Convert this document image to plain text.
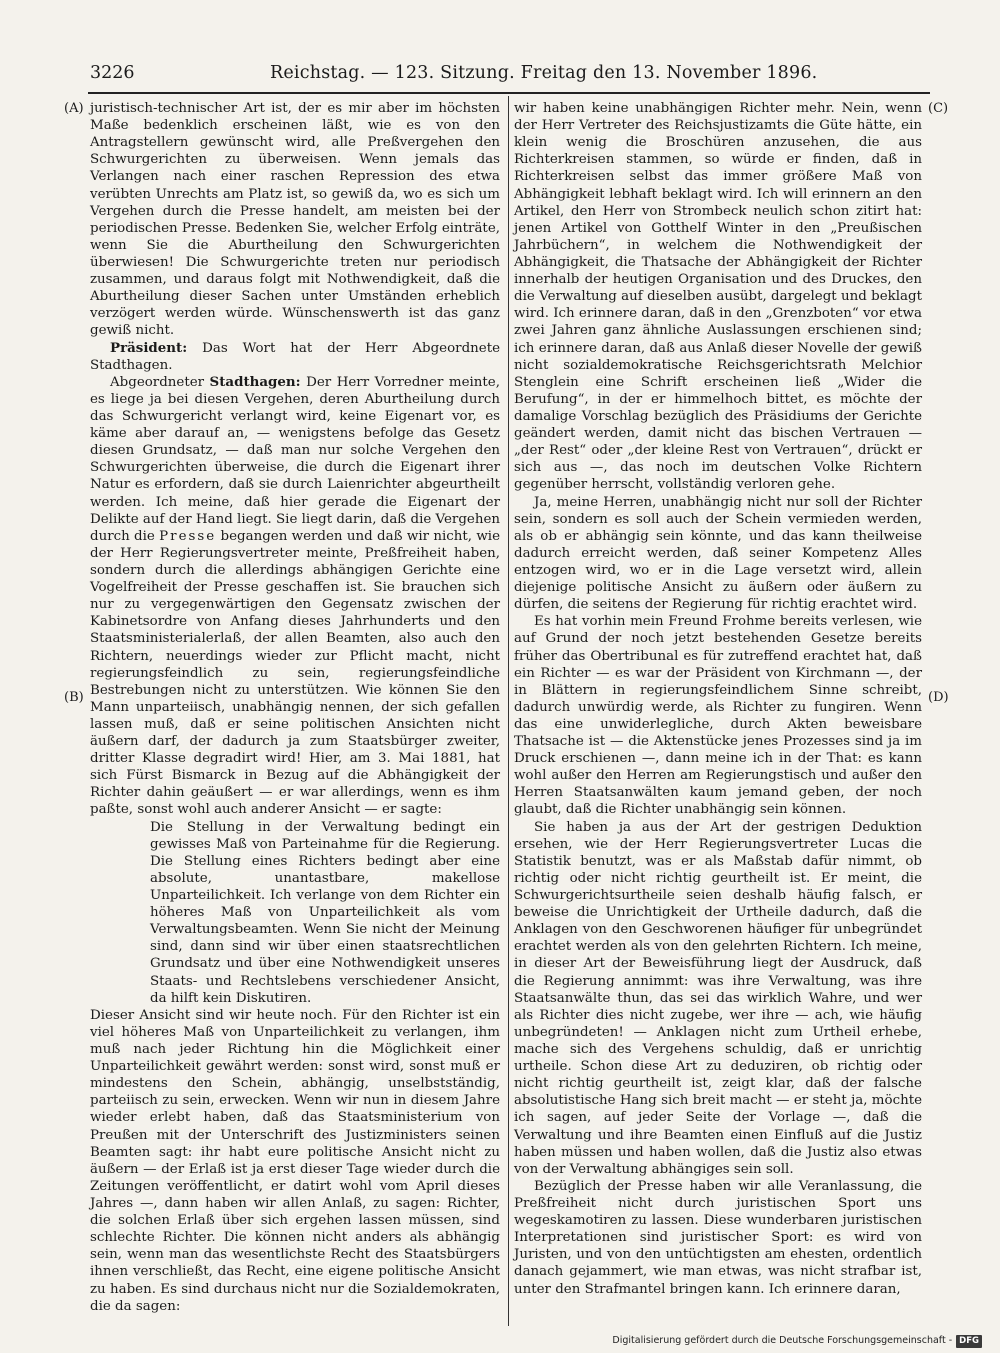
3226	Reichstag. — 123. Sitzung. Freitag den 13. November 1896.
(A)
(B)
(C)
(D)

juristisch-technischer Art ist, der es mir aber im höchsten Maße bedenklich erscheinen läßt, wie es von den Antragstellern gewünscht wird, alle Preßvergehen den Schwurgerichten zu überweisen. Wenn jemals das Verlangen nach einer raschen Repression des etwa verübten Unrechts am Platz ist, so gewiß da, wo es sich um Vergehen durch die Presse handelt, am meisten bei der periodischen Presse. Bedenken Sie, welcher Erfolg einträte, wenn Sie die Aburtheilung den Schwurgerichten überwiesen! Die Schwurgerichte treten nur periodisch zusammen, und daraus folgt mit Nothwendigkeit, daß die Aburtheilung dieser Sachen unter Umständen erheblich verzögert werden würde. Wünschenswerth ist das ganz gewiß nicht.

Präsident: Das Wort hat der Herr Abgeordnete Stadthagen.

Abgeordneter Stadthagen: Der Herr Vorredner meinte, es liege ja bei diesen Vergehen, deren Aburtheilung durch das Schwurgericht verlangt wird, keine Eigenart vor, es käme aber darauf an, — wenigstens befolge das Gesetz diesen Grundsatz, — daß man nur solche Vergehen den Schwurgerichten überweise, die durch die Eigenart ihrer Natur es erfordern, daß sie durch Laienrichter abgeurtheilt werden. Ich meine, daß hier gerade die Eigenart der Delikte auf der Hand liegt. Sie liegt darin, daß die Vergehen durch die Presse begangen werden und daß wir nicht, wie der Herr Regierungsvertreter meinte, Preßfreiheit haben, sondern durch die allerdings abhängigen Gerichte eine Vogelfreiheit der Presse geschaffen ist. Sie brauchen sich nur zu vergegenwärtigen den Gegensatz zwischen der Kabinetsordre von Anfang dieses Jahrhunderts und den Staatsministerialerlaß, der allen Beamten, also auch den Richtern, neuerdings wieder zur Pflicht macht, nicht regierungsfeindlich zu sein, regierungsfeindliche Bestrebungen nicht zu unterstützen. Wie können Sie den Mann unparteiisch, unabhängig nennen, der sich gefallen lassen muß, daß er seine politischen Ansichten nicht äußern darf, der dadurch ja zum Staatsbürger zweiter, dritter Klasse degradirt wird! Hier, am 3. Mai 1881, hat sich Fürst Bismarck in Bezug auf die Abhängigkeit der Richter dahin geäußert — er war allerdings, wenn es ihm paßte, sonst wohl auch anderer Ansicht — er sagte:

Die Stellung in der Verwaltung bedingt ein gewisses Maß von Parteinahme für die Regierung. Die Stellung eines Richters bedingt aber eine absolute, unantastbare, makellose Unparteilichkeit. Ich verlange von dem Richter ein höheres Maß von Unparteilichkeit als vom Verwaltungsbeamten. Wenn Sie nicht der Meinung sind, dann sind wir über einen staatsrechtlichen Grundsatz und über eine Nothwendigkeit unseres Staats- und Rechtslebens verschiedener Ansicht, da hilft kein Diskutiren.

Dieser Ansicht sind wir heute noch. Für den Richter ist ein viel höheres Maß von Unparteilichkeit zu verlangen, ihm muß nach jeder Richtung hin die Möglichkeit einer Unparteilichkeit gewährt werden: sonst wird, sonst muß er mindestens den Schein, abhängig, unselbstständig, parteiisch zu sein, erwecken. Wenn wir nun in diesem Jahre wieder erlebt haben, daß das Staatsministerium von Preußen mit der Unterschrift des Justizministers seinen Beamten sagt: ihr habt eure politische Ansicht nicht zu äußern — der Erlaß ist ja erst dieser Tage wieder durch die Zeitungen veröffentlicht, er datirt wohl vom April dieses Jahres —, dann haben wir allen Anlaß, zu sagen: Richter, die solchen Erlaß über sich ergehen lassen müssen, sind schlechte Richter. Die können nicht anders als abhängig sein, wenn man das wesentlichste Recht des Staatsbürgers ihnen verschließt, das Recht, eine eigene politische Ansicht zu haben. Es sind durchaus nicht nur die Sozialdemokraten, die da sagen:

wir haben keine unabhängigen Richter mehr. Nein, wenn der Herr Vertreter des Reichsjustizamts die Güte hätte, ein klein wenig die Broschüren anzusehen, die aus Richterkreisen stammen, so würde er finden, daß in Richterkreisen selbst das immer größere Maß von Abhängigkeit lebhaft beklagt wird. Ich will erinnern an den Artikel, den Herr von Strombeck neulich schon zitirt hat: jenen Artikel von Gotthelf Winter in den „Preußischen Jahrbüchern“, in welchem die Nothwendigkeit der Abhängigkeit, die Thatsache der Abhängigkeit der Richter innerhalb der heutigen Organisation und des Druckes, den die Verwaltung auf dieselben ausübt, dargelegt und beklagt wird. Ich erinnere daran, daß in den „Grenzboten“ vor etwa zwei Jahren ganz ähnliche Auslassungen erschienen sind; ich erinnere daran, daß aus Anlaß dieser Novelle der gewiß nicht sozialdemokratische Reichsgerichtsrath Melchior Stenglein eine Schrift erscheinen ließ „Wider die Berufung“, in der er himmelhoch bittet, es möchte der damalige Vorschlag bezüglich des Präsidiums der Gerichte geändert werden, damit nicht das bischen Vertrauen — „der Rest“ oder „der kleine Rest von Vertrauen“, drückt er sich aus —, das noch im deutschen Volke Richtern gegenüber herrscht, vollständig verloren gehe.

Ja, meine Herren, unabhängig nicht nur soll der Richter sein, sondern es soll auch der Schein vermieden werden, als ob er abhängig sein könnte, und das kann theilweise dadurch erreicht werden, daß seiner Kompetenz Alles entzogen wird, wo er in die Lage versetzt wird, allein diejenige politische Ansicht zu äußern oder äußern zu dürfen, die seitens der Regierung für richtig erachtet wird.

Es hat vorhin mein Freund Frohme bereits verlesen, wie auf Grund der noch jetzt bestehenden Gesetze bereits früher das Obertribunal es für zutreffend erachtet hat, daß ein Richter — es war der Präsident von Kirchmann —, der in Blättern in regierungsfeindlichem Sinne schreibt, dadurch unwürdig werde, als Richter zu fungiren. Wenn das eine unwiderlegliche, durch Akten beweisbare Thatsache ist — die Aktenstücke jenes Prozesses sind ja im Druck erschienen —, dann meine ich in der That: es kann wohl außer den Herren am Regierungstisch und außer den Herren Staatsanwälten kaum jemand geben, der noch glaubt, daß die Richter unabhängig sein können.

Sie haben ja aus der Art der gestrigen Deduktion ersehen, wie der Herr Regierungsvertreter Lucas die Statistik benutzt, was er als Maßstab dafür nimmt, ob richtig oder nicht richtig geurtheilt ist. Er meint, die Schwurgerichtsurtheile seien deshalb häufig falsch, er beweise die Unrichtigkeit der Urtheile dadurch, daß die Anklagen von den Geschworenen häufiger für unbegründet erachtet werden als von den gelehrten Richtern. Ich meine, in dieser Art der Beweisführung liegt der Ausdruck, daß die Regierung annimmt: was ihre Verwaltung, was ihre Staatsanwälte thun, das sei das wirklich Wahre, und wer als Richter dies nicht zugebe, wer ihre — ach, wie häufig unbegründeten! — Anklagen nicht zum Urtheil erhebe, mache sich des Vergehens schuldig, daß er unrichtig urtheile. Schon diese Art zu deduziren, ob richtig oder nicht richtig geurtheilt ist, zeigt klar, daß der falsche absolutistische Hang sich breit macht — er steht ja, möchte ich sagen, auf jeder Seite der Vorlage —, daß die Verwaltung und ihre Beamten einen Einfluß auf die Justiz haben müssen und haben wollen, daß die Justiz also etwas von der Verwaltung abhängiges sein soll.

Bezüglich der Presse haben wir alle Veranlassung, die Preßfreiheit nicht durch juristischen Sport uns wegeskamotiren zu lassen. Diese wunderbaren juristischen Interpretationen sind juristischer Sport: es wird von Juristen, und von den untüchtigsten am ehesten, ordentlich danach gejammert, wie man etwas, was nicht strafbar ist, unter den Strafmantel bringen kann. Ich erinnere daran,

Digitalisierung gefördert durch die Deutsche Forschungsgemeinschaft - DFG
